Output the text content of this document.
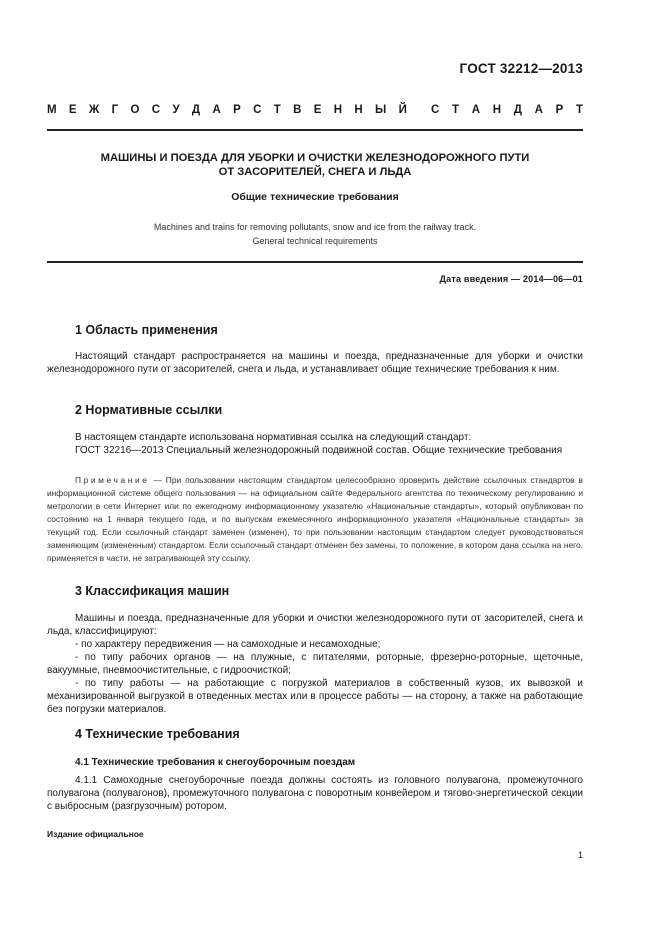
ГОСТ 32212—2013
М Е Ж Г О С У Д А Р С Т В Е Н Н Ы Й С Т А Н Д А Р Т
МАШИНЫ И ПОЕЗДА ДЛЯ УБОРКИ И ОЧИСТКИ ЖЕЛЕЗНОДОРОЖНОГО ПУТИ
ОТ ЗАСОРИТЕЛЕЙ, СНЕГА И ЛЬДА
Общие технические требования
Machines and trains for removing pollutants, snow and ice from the railway track.
General technical requirements
Дата введения — 2014—06—01
1 Область применения
Настоящий стандарт распространяется на машины и поезда, предназначенные для уборки и очистки железнодорожного пути от засорителей, снега и льда, и устанавливает общие технические требования к ним.
2 Нормативные ссылки
В настоящем стандарте использована нормативная ссылка на следующий стандарт:
ГОСТ 32216—2013 Специальный железнодорожный подвижной состав. Общие технические требования
Примечание — При пользовании настоящим стандартом целесообразно проверить действие ссылочных стандартов в информационной системе общего пользования — на официальном сайте Федерального агентства по техническому регулированию и метрологии в сети Интернет или по ежегодному информационному указателю «Национальные стандарты», который опубликован по состоянию на 1 января текущего года, и по выпускам ежемесячного информационного указателя «Национальные стандарты» за текущий год. Если ссылочный стандарт заменен (изменен), то при пользовании настоящим стандартом следует руководствоваться заменяющим (измененным) стандартом. Если ссылочный стандарт отменен без замены, то положение, в котором дана ссылка на него, применяется в части, не затрагивающей эту ссылку.
3 Классификация машин
Машины и поезда, предназначенные для уборки и очистки железнодорожного пути от засорителей, снега и льда, классифицируют:
- по характеру передвижения — на самоходные и несамоходные;
- по типу рабочих органов — на плужные, с питателями, роторные, фрезерно-роторные, щеточные, вакуумные, пневмоочистительные, с гидроочисткой;
- по типу работы — на работающие с погрузкой материалов в собственный кузов, их вывозкой и механизированной выгрузкой в отведенных местах или в процессе работы — на сторону, а также на работающие без погрузки материалов.
4 Технические требования
4.1 Технические требования к снегоуборочным поездам
4.1.1 Самоходные снегоуборочные поезда должны состоять из головного полувагона, промежуточного полувагона (полувагонов), промежуточного полувагона с поворотным конвейером и тягово-энергетической секции с выбросным (разгрузочным) ротором.
Издание официальное
1
